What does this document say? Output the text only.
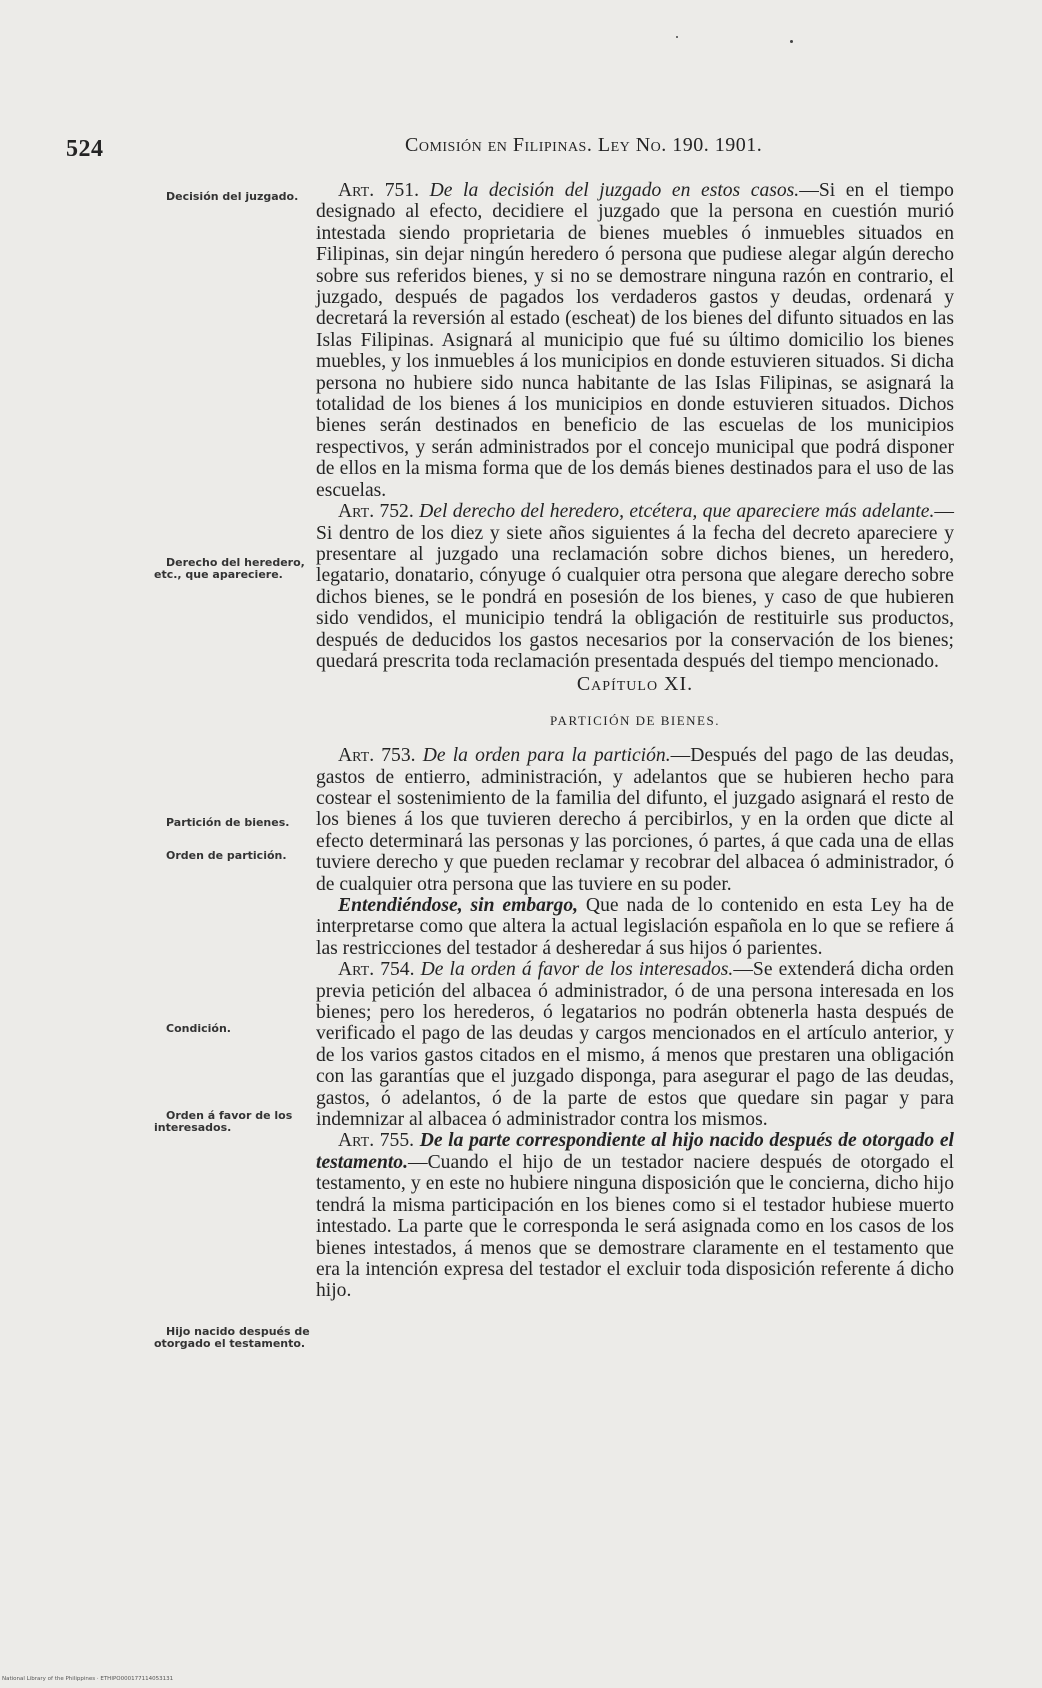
524	Comisión en Filipinas. Ley No. 190. 1901.
Decisión del juzgado.
Derecho del heredero, etc., que apareciere.
Partición de bienes.
Orden de partición.
Condición.
Orden á favor de los interesados.
Hijo nacido después de otorgado el testamento.

Art. 751. De la decisión del juzgado en estos casos.—Si en el tiempo designado al efecto, decidiere el juzgado que la persona en cuestión murió intestada siendo proprietaria de bienes muebles ó inmuebles situados en Filipinas, sin dejar ningún heredero ó persona que pudiese alegar algún derecho sobre sus referidos bienes, y si no se demostrare ninguna razón en contrario, el juzgado, después de pagados los verdaderos gastos y deudas, ordenará y decretará la reversión al estado (escheat) de los bienes del difunto situados en las Islas Filipinas. Asignará al municipio que fué su último domicilio los bienes muebles, y los inmuebles á los municipios en donde estuvieren situados. Si dicha persona no hubiere sido nunca habitante de las Islas Filipinas, se asignará la totalidad de los bienes á los municipios en donde estuvieren situados. Dichos bienes serán destinados en beneficio de las escuelas de los municipios respectivos, y serán administrados por el concejo municipal que podrá disponer de ellos en la misma forma que de los demás bienes destinados para el uso de las escuelas.

Art. 752. Del derecho del heredero, etcétera, que apareciere más adelante.—Si dentro de los diez y siete años siguientes á la fecha del decreto apareciere y presentare al juzgado una reclamación sobre dichos bienes, un heredero, legatario, donatario, cónyuge ó cualquier otra persona que alegare derecho sobre dichos bienes, se le pondrá en posesión de los bienes, y caso de que hubieren sido vendidos, el municipio tendrá la obligación de restituirle sus productos, después de deducidos los gastos necesarios por la conservación de los bienes; quedará prescrita toda reclamación presentada después del tiempo mencionado.

Capítulo XI.
PARTICIÓN DE BIENES.

Art. 753. De la orden para la partición.—Después del pago de las deudas, gastos de entierro, administración, y adelantos que se hubieren hecho para costear el sostenimiento de la familia del difunto, el juzgado asignará el resto de los bienes á los que tuvieren derecho á percibirlos, y en la orden que dicte al efecto determinará las personas y las porciones, ó partes, á que cada una de ellas tuviere derecho y que pueden reclamar y recobrar del albacea ó administrador, ó de cualquier otra persona que las tuviere en su poder.

Entendiéndose, sin embargo, Que nada de lo contenido en esta Ley ha de interpretarse como que altera la actual legislación española en lo que se refiere á las restricciones del testador á desheredar á sus hijos ó parientes.

Art. 754. De la orden á favor de los interesados.—Se extenderá dicha orden previa petición del albacea ó administrador, ó de una persona interesada en los bienes; pero los herederos, ó legatarios no podrán obtenerla hasta después de verificado el pago de las deudas y cargos mencionados en el artículo anterior, y de los varios gastos citados en el mismo, á menos que prestaren una obligación con las garantías que el juzgado disponga, para asegurar el pago de las deudas, gastos, ó adelantos, ó de la parte de estos que quedare sin pagar y para indemnizar al albacea ó administrador contra los mismos.

Art. 755. De la parte correspondiente al hijo nacido después de otorgado el testamento.—Cuando el hijo de un testador naciere después de otorgado el testamento, y en este no hubiere ninguna disposición que le concierna, dicho hijo tendrá la misma participación en los bienes como si el testador hubiese muerto intestado. La parte que le corresponda le será asignada como en los casos de los bienes intestados, á menos que se demostrare claramente en el testamento que era la intención expresa del testador el excluir toda disposición referente á dicho hijo.

National Library of the Philippines · ETHIPO000177114053131
